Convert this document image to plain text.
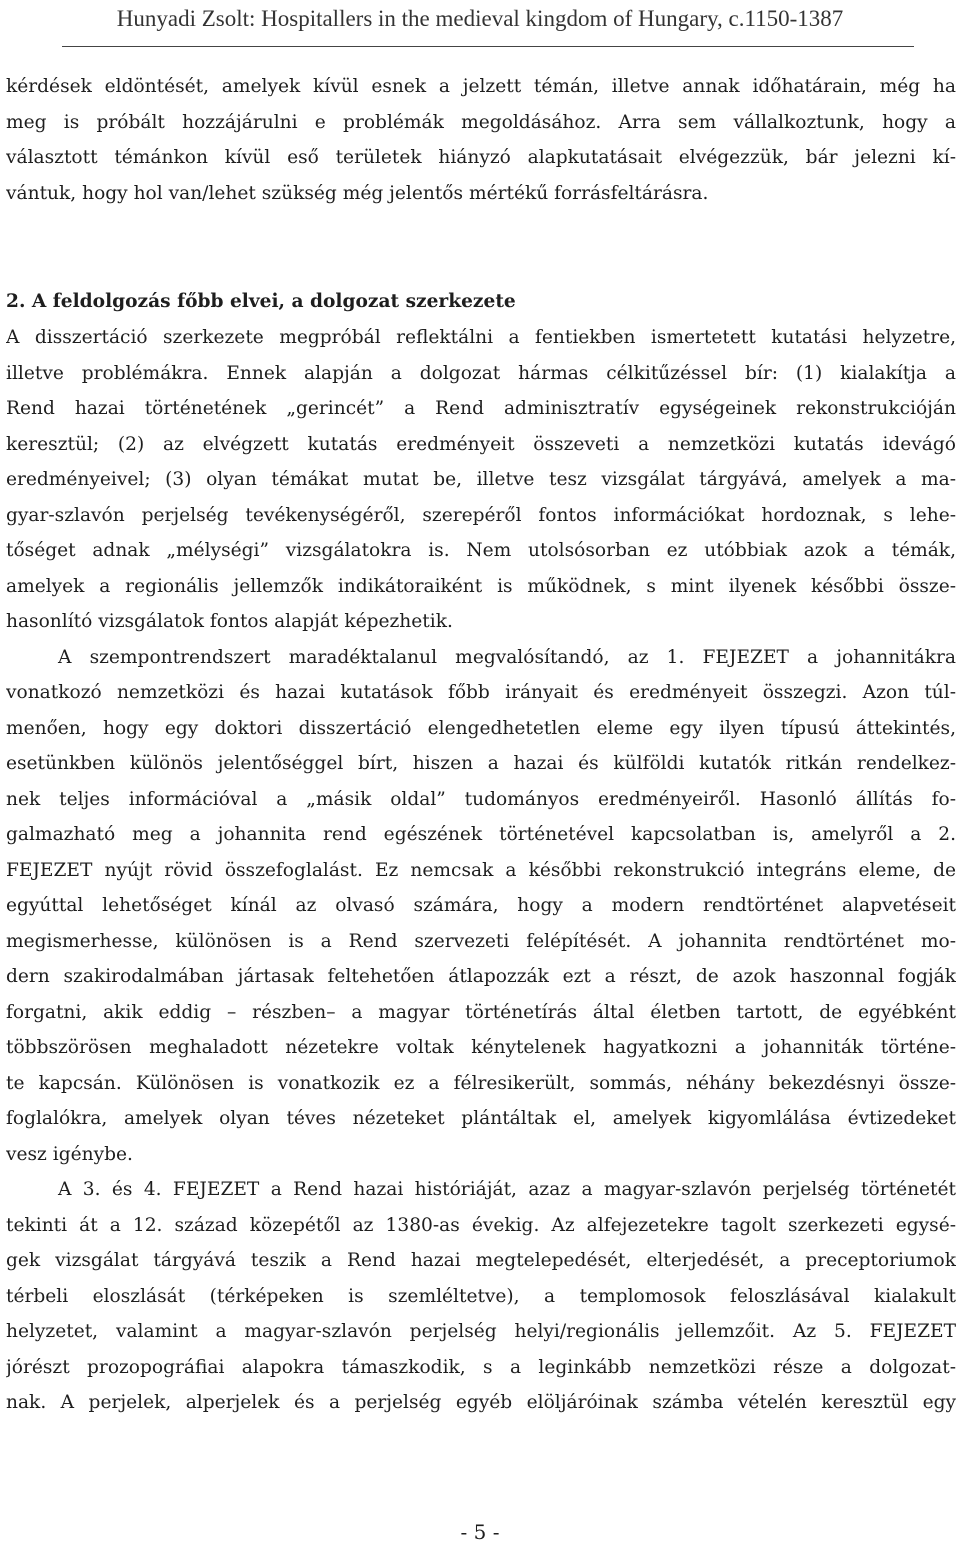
Hunyadi Zsolt: Hospitallers in the medieval kingdom of Hungary, c.1150-1387
kérdések eldöntését, amelyek kívül esnek a jelzett témán, illetve annak időhatárain, még ha
meg is próbált hozzájárulni e problémák megoldásához. Arra sem vállalkoztunk, hogy a
választott témánkon kívül eső területek hiányzó alapkutatásait elvégezzük, bár jelezni kí-
vántuk, hogy hol van/lehet szükség még jelentős mértékű forrásfeltárásra.
2. A feldolgozás főbb elvei, a dolgozat szerkezete
A disszertáció szerkezete megpróbál reflektálni a fentiekben ismertetett kutatási helyzetre,
illetve problémákra. Ennek alapján a dolgozat hármas célkitűzéssel bír: (1) kialakítja a
Rend hazai történetének „gerincét” a Rend adminisztratív egységeinek rekonstrukcióján
keresztül; (2) az elvégzett kutatás eredményeit összeveti a nemzetközi kutatás idevágó
eredményeivel; (3) olyan témákat mutat be, illetve tesz vizsgálat tárgyává, amelyek a ma-
gyar-szlavón perjelség tevékenységéről, szerepéről fontos információkat hordoznak, s lehe-
tőséget adnak „mélységi” vizsgálatokra is. Nem utolsósorban ez utóbbiak azok a témák,
amelyek a regionális jellemzők indikátoraiként is működnek, s mint ilyenek későbbi össze-
hasonlító vizsgálatok fontos alapját képezhetik.
A szempontrendszert maradéktalanul megvalósítandó, az 1. FEJEZET a johannitákra
vonatkozó nemzetközi és hazai kutatások főbb irányait és eredményeit összegzi. Azon túl-
menően, hogy egy doktori disszertáció elengedhetetlen eleme egy ilyen típusú áttekintés,
esetünkben különös jelentőséggel bírt, hiszen a hazai és külföldi kutatók ritkán rendelkez-
nek teljes információval a „másik oldal” tudományos eredményeiről. Hasonló állítás fo-
galmazható meg a johannita rend egészének történetével kapcsolatban is, amelyről a 2.
FEJEZET nyújt rövid összefoglalást. Ez nemcsak a későbbi rekonstrukció integráns eleme, de
egyúttal lehetőséget kínál az olvasó számára, hogy a modern rendtörténet alapvetéseit
megismerhesse, különösen is a Rend szervezeti felépítését. A johannita rendtörténet mo-
dern szakirodalmában jártasak feltehetően átlapozzák ezt a részt, de azok haszonnal fogják
forgatni, akik eddig – részben– a magyar történetírás által életben tartott, de egyébként
többszörösen meghaladott nézetekre voltak kénytelenek hagyatkozni a johanniták történe-
te kapcsán. Különösen is vonatkozik ez a félresikerült, sommás, néhány bekezdésnyi össze-
foglalókra, amelyek olyan téves nézeteket plántáltak el, amelyek kigyomlálása évtizedeket
vesz igénybe.
A 3. és 4. FEJEZET a Rend hazai históriáját, azaz a magyar-szlavón perjelség történetét
tekinti át a 12. század közepétől az 1380-as évekig. Az alfejezetekre tagolt szerkezeti egysé-
gek vizsgálat tárgyává teszik a Rend hazai megtelepedését, elterjedését, a preceptoriumok
térbeli eloszlását (térképeken is szemléltetve), a templomosok feloszlásával kialakult
helyzetet, valamint a magyar-szlavón perjelség helyi/regionális jellemzőit. Az 5. FEJEZET
jórészt prozopográfiai alapokra támaszkodik, s a leginkább nemzetközi része a dolgozat-
nak. A perjelek, alperjelek és a perjelség egyéb elöljáróinak számba vételén keresztül egy
- 5 -
